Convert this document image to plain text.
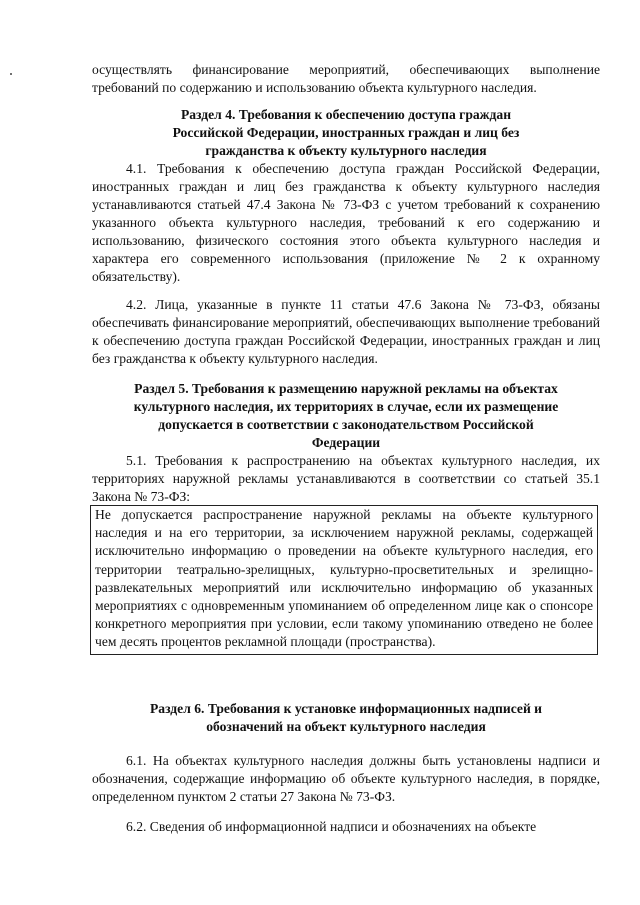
осуществлять финансирование мероприятий, обеспечивающих выполнение требований по содержанию и использованию объекта культурного наследия.

Раздел 4. Требования к обеспечению доступа граждан Российской Федерации, иностранных граждан и лиц без гражданства к объекту культурного наследия

4.1. Требования к обеспечению доступа граждан Российской Федерации, иностранных граждан и лиц без гражданства к объекту культурного наследия устанавливаются статьей 47.4 Закона № 73-ФЗ с учетом требований к сохранению указанного объекта культурного наследия, требований к его содержанию и использованию, физического состояния этого объекта культурного наследия и характера его современного использования (приложение № 2 к охранному обязательству).

4.2. Лица, указанные в пункте 11 статьи 47.6 Закона № 73-ФЗ, обязаны обеспечивать финансирование мероприятий, обеспечивающих выполнение требований к обеспечению доступа граждан Российской Федерации, иностранных граждан и лиц без гражданства к объекту культурного наследия.

Раздел 5. Требования к размещению наружной рекламы на объектах культурного наследия, их территориях в случае, если их размещение допускается в соответствии с законодательством Российской Федерации

5.1. Требования к распространению на объектах культурного наследия, их территориях наружной рекламы устанавливаются в соответствии со статьей 35.1 Закона № 73-ФЗ:

Не допускается распространение наружной рекламы на объекте культурного наследия и на его территории, за исключением наружной рекламы, содержащей исключительно информацию о проведении на объекте культурного наследия, его территории театрально-зрелищных, культурно-просветительных и зрелищно-развлекательных мероприятий или исключительно информацию об указанных мероприятиях с одновременным упоминанием об определенном лице как о спонсоре конкретного мероприятия при условии, если такому упоминанию отведено не более чем десять процентов рекламной площади (пространства).

Раздел 6. Требования к установке информационных надписей и обозначений на объект культурного наследия

6.1. На объектах культурного наследия должны быть установлены надписи и обозначения, содержащие информацию об объекте культурного наследия, в порядке, определенном пунктом 2 статьи 27 Закона № 73-ФЗ.

6.2. Сведения об информационной надписи и обозначениях на объекте
